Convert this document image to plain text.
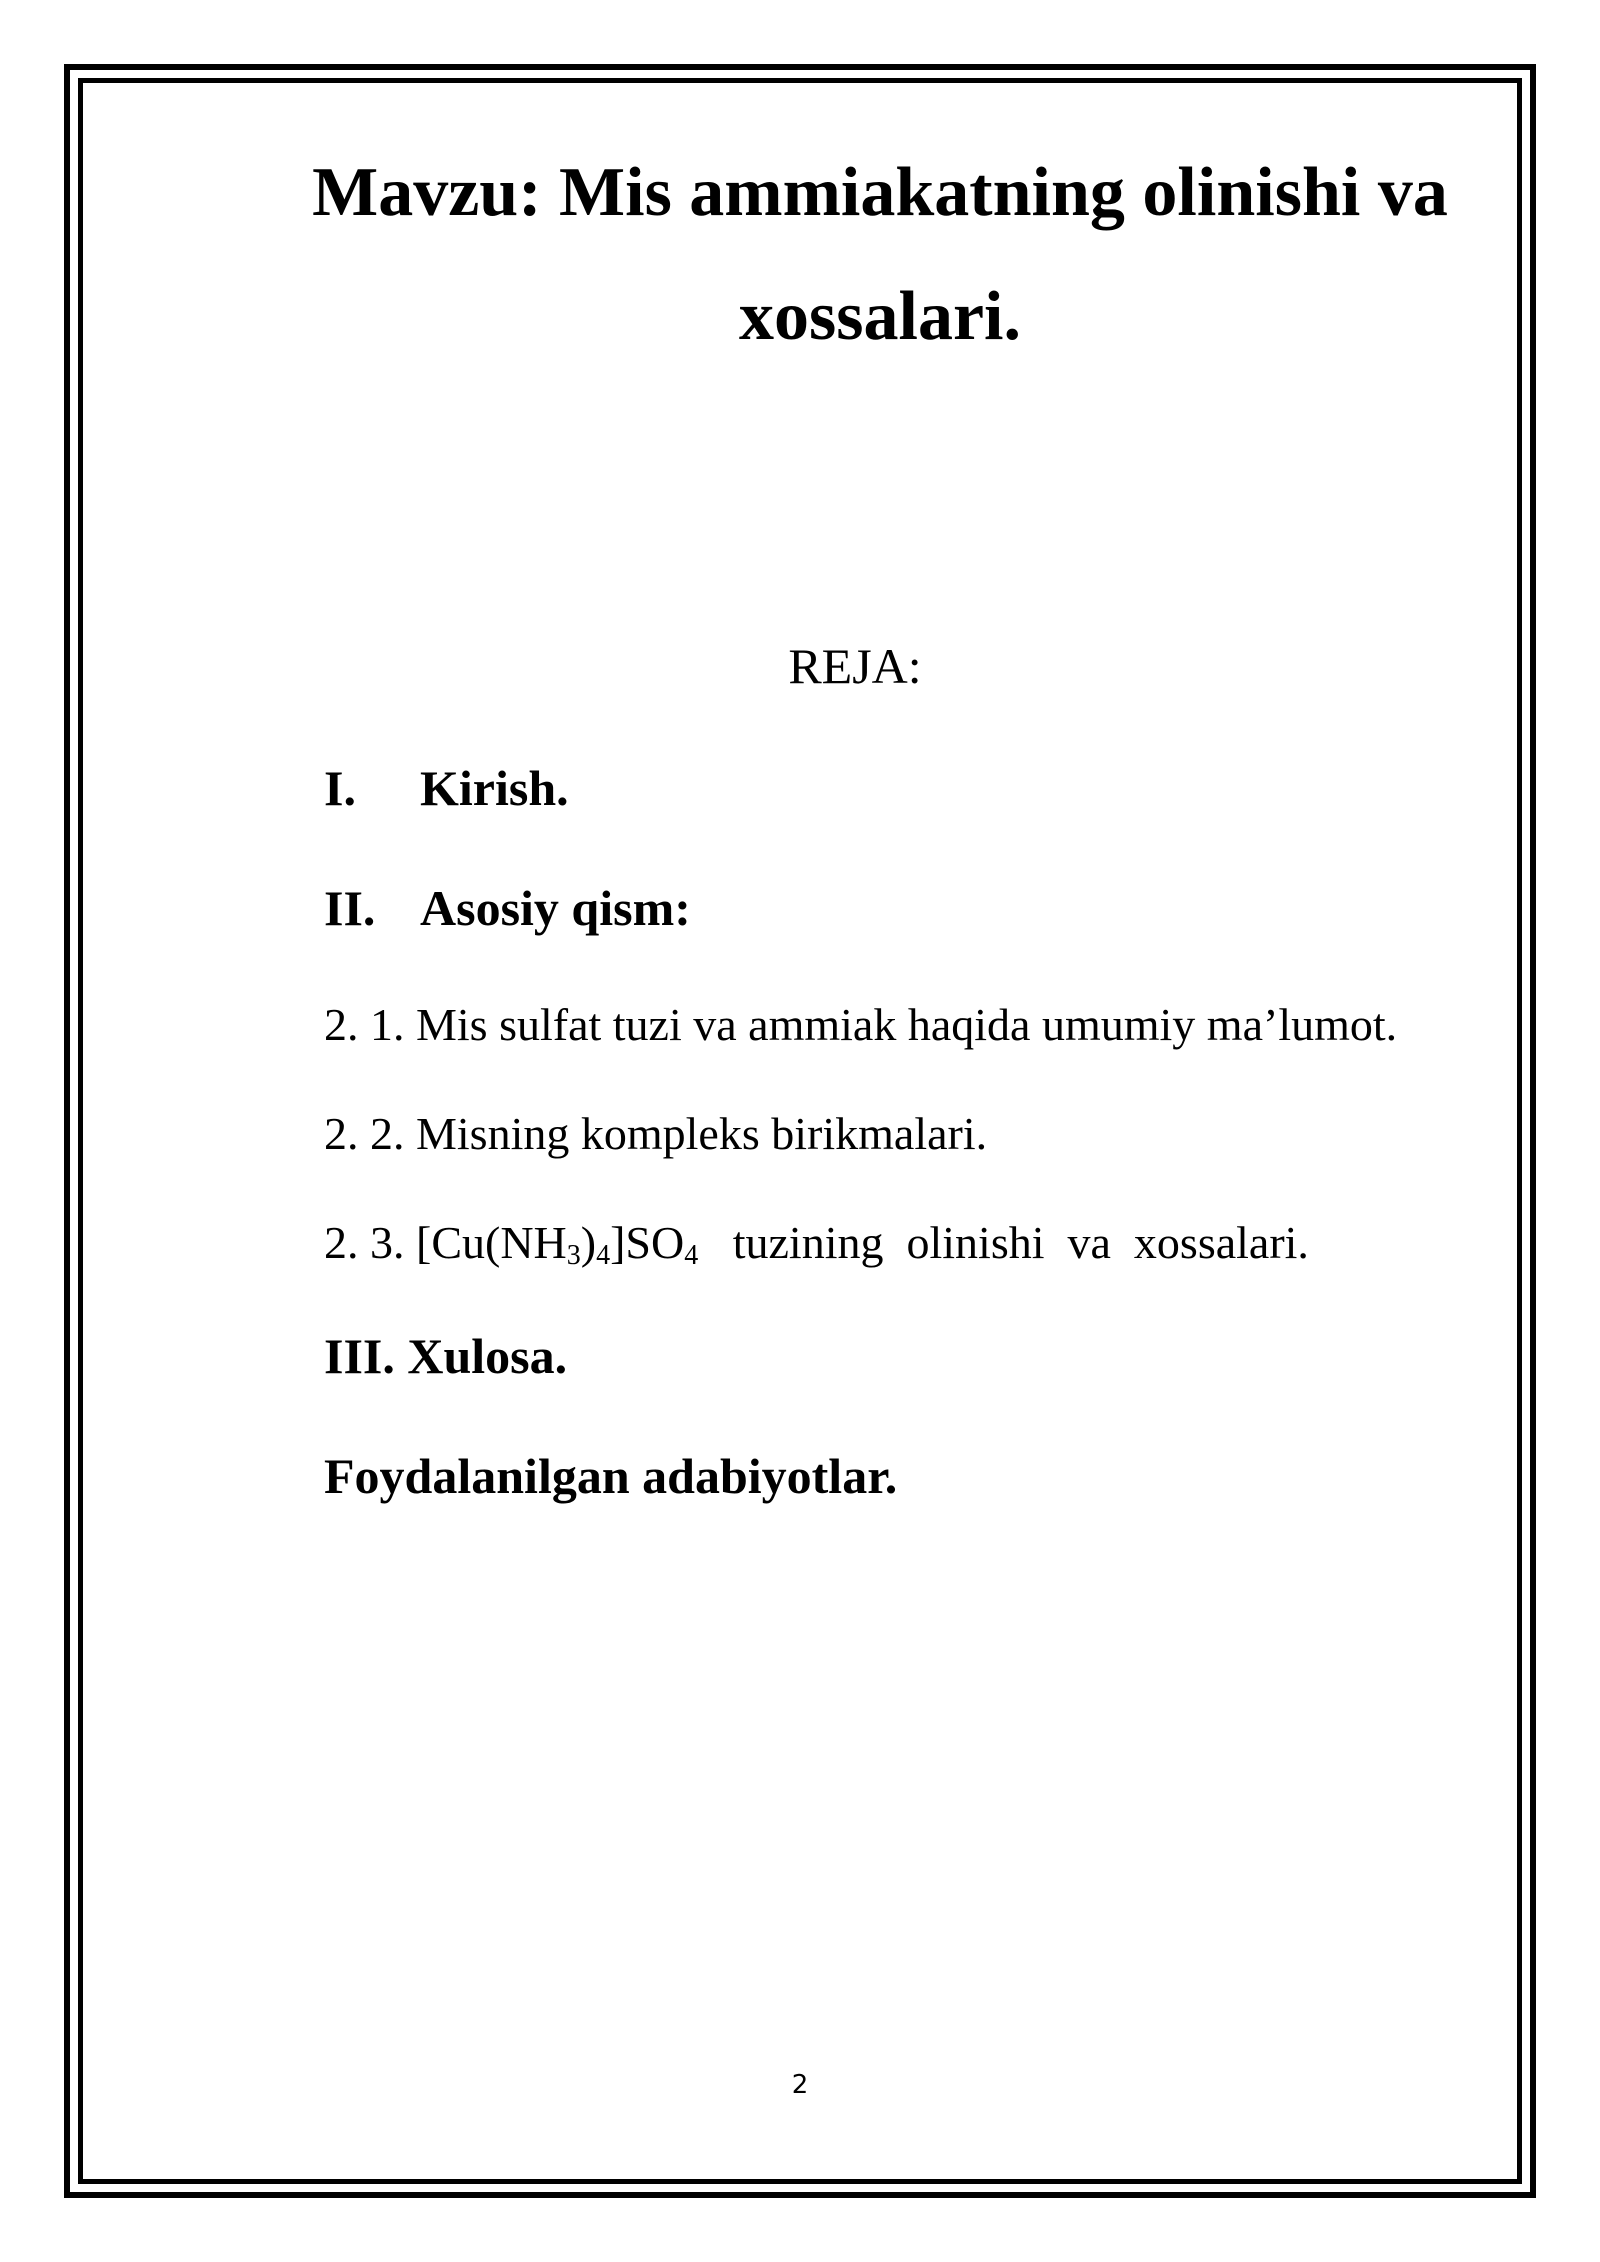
Mavzu: Mis ammiakatning olinishi va
xossalari.
REJA:

I. Kirish.

II. Asosiy qism:

2. 1. Mis sulfat tuzi va ammiak haqida umumiy ma’lumot.

2. 2. Misning kompleks birikmalari.

2. 3. $[Cu(NH_3)_4]SO_4$   tuzining  olinishi  va  xossalari.

III. Xulosa.

Foydalanilgan adabiyotlar.

2
